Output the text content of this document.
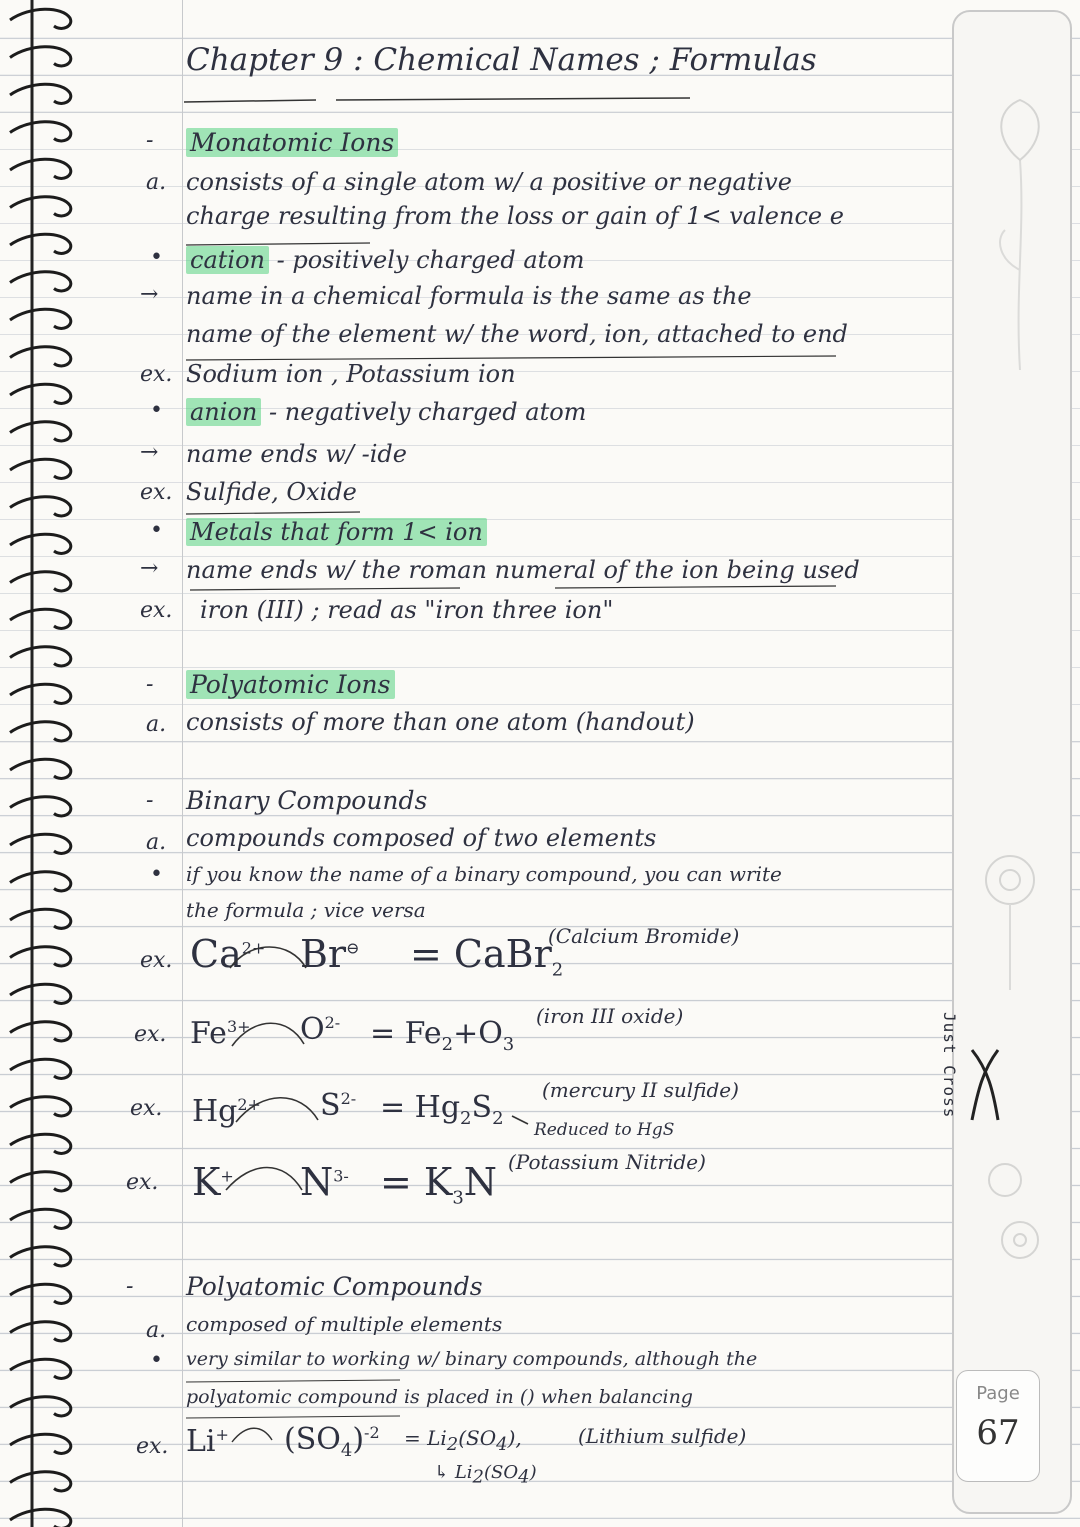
Just Cross
Page
67
Chapter 9 : Chemical Names ; Formulas
- Monatomic Ions
a. consists of a single atom w/ a positive or negative
charge resulting from the loss or gain of 1< valence e
• cation - positively charged atom
→ name in a chemical formula is the same as the
name of the element w/ the word, ion, attached to end
ex. Sodium ion , Potassium ion
• anion - negatively charged atom
→ name ends w/ -ide
ex. Sulfide, Oxide
• Metals that form 1< ion
→ name ends w/ the roman numeral of the ion being used
ex. iron (III) ; read as "iron three ion"
- Polyatomic Ions
a. consists of more than one atom (handout)
- Binary Compounds
a. compounds composed of two elements
• if you know the name of a binary compound, you can write
the formula ; vice versa
ex. $Ca^{2+}$ Br⊖ = CaBr$_2$
(Calcium Bromide)
ex. $Fe^{3+}$ $O^{2-} = Fe_2+O_3$
(iron III oxide)
ex. $Hg^{2+}$ $S^{2-} = Hg_2S_2$
(mercury II sulfide)
Reduced to HgS
ex. K+ $N^{3-} = K_3N$ (Potassium Nitride)
- Polyatomic Compounds
a. composed of multiple elements
• very similar to working w/ binary compounds, although the
polyatomic compound is placed in () when balancing
ex. Li+ $(SO_4)^{-2} = Li2(SO4)$,
↳ Li2(SO4)
(Lithium sulfide)
